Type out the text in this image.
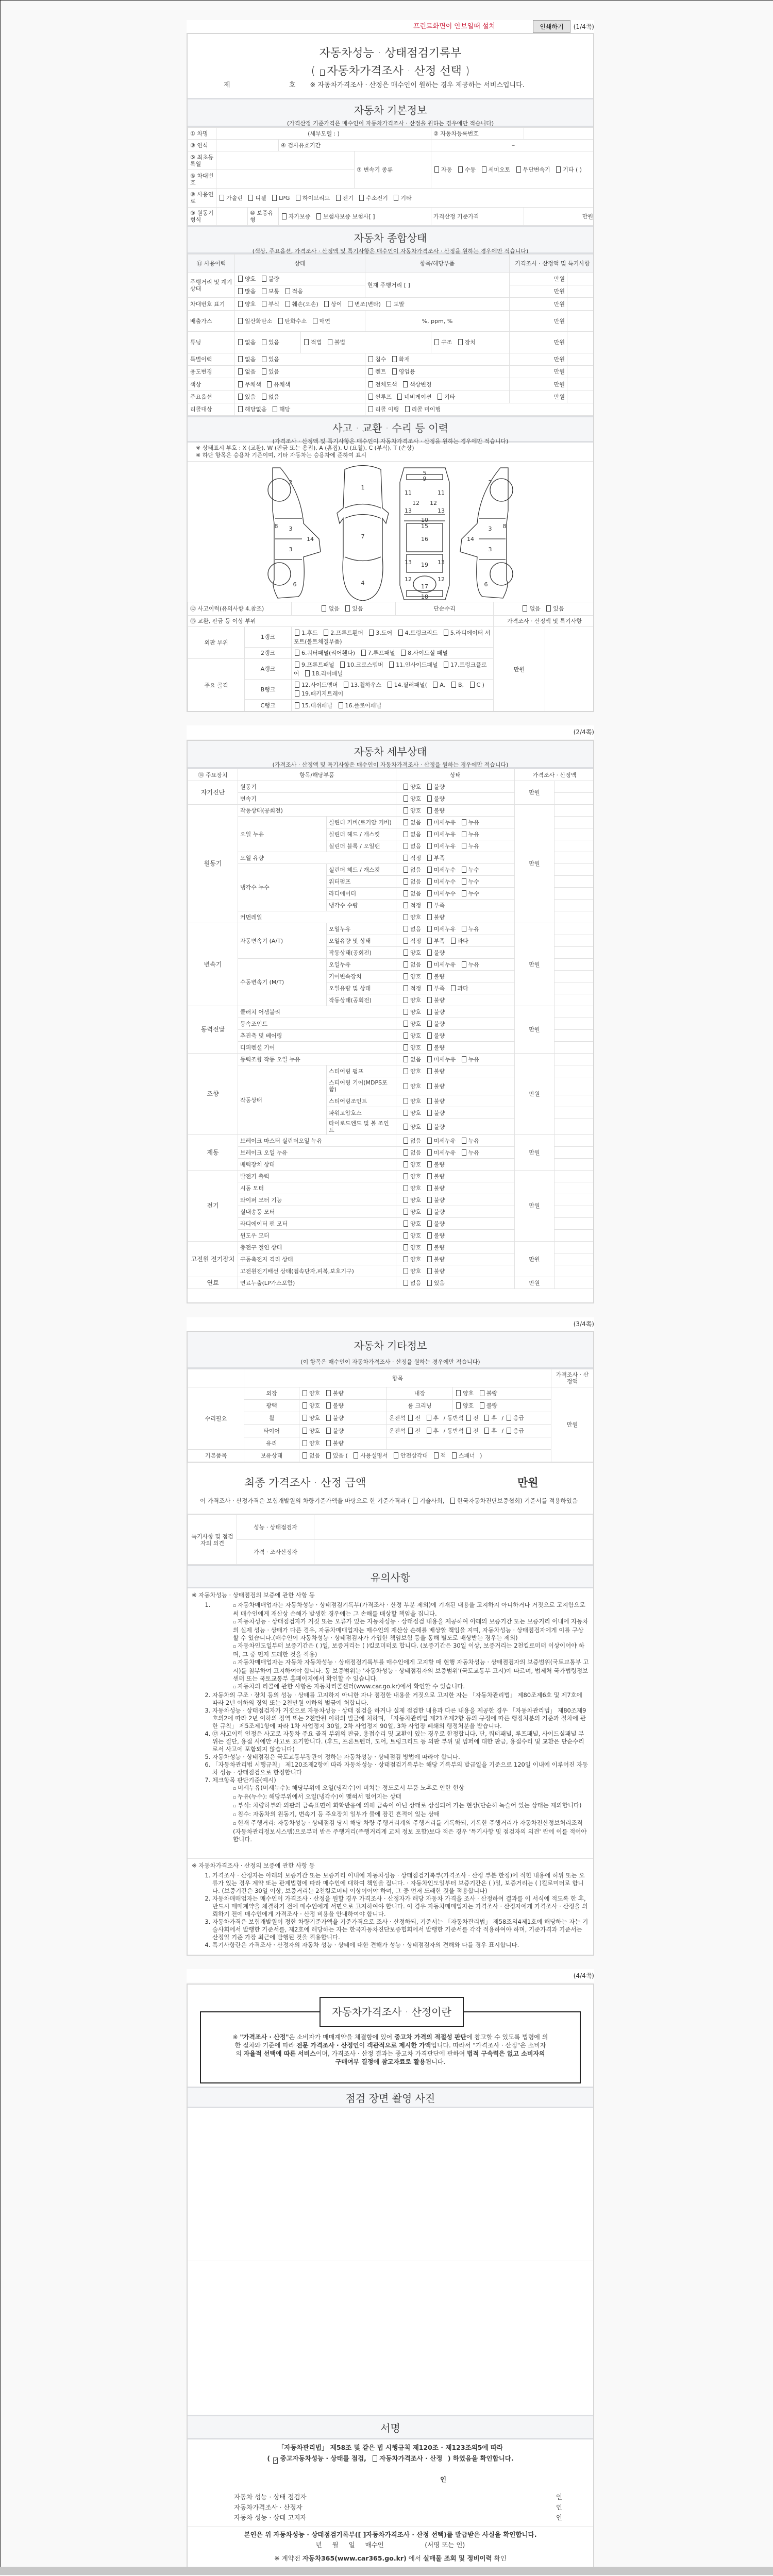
프린트화면이 안보일때 설치	인쇄하기	(1/4쪽)
자동차성능 · 상태점검기록부
( 자동차가격조사 · 산정 선택 )
제	호 ※ 자동차가격조사 · 산정은 매수인이 원하는 경우 제공하는 서비스입니다.
자동차 기본정보
(가격산정 기준가격은 매수인이 자동차가격조사 · 산정을 원하는 경우에만 적습니다)
① 차명	(세부모델 : )				② 자동차등록번호	
③ 연식			④ 검사유효기간		~	
⑤ 최초등록일				⑦ 변속기 종류	자동 수동 세미오토 무단변속기 기타 ( )	
⑥ 차대번호						
⑧ 사용연료	가솔린 디젤 LPG 하이브리드 전기 수소전기 기타					
⑨ 원동기형식		⑩ 보증유형	자가보증 보험사보증 보험사[ ]		가격산정 기준가격	만원
자동차 종합상태
(색상, 주요옵션, 가격조사 · 산정액 및 특기사항은 매수인이 자동차가격조사 · 산정을 원하는 경우에만 적습니다)
⑪ 사용이력	상태		항목/해당부품		가격조사 · 산정액 및 특기사항	
주행거리 및 계기상태	양호 불량		현재 주행거리 [ ]		만원	
	많음 보통 적음				만원	
차대번호 표기	양호 부식 훼손(오손) 상이 변조(변타) 도말				만원	
배출가스	일산화탄소 탄화수소 매연		%, ppm, %		만원	
튜닝	없음 있음	적법 불법		구조 장치	만원	
특별이력	없음 있음		침수 화재		만원	
용도변경	없음 있음		렌트 영업용		만원	
색상	무채색 유채색		전체도색 색상변경		만원	
주요옵션	있음 없음		썬루프 네비게이션 기타		만원	
리콜대상	해당없음 해당		리콜 이행 리콜 미이행			
사고 · 교환 · 수리 등 이력
(가격조사 · 산정액 및 특기사항은 매수인이 자동차가격조사 · 산정을 원하는 경우에만 적습니다)
※ 상태표시 부호 : X (교환), W (판금 또는 용접), A (흠집), U (요철), C (부식), T (손상)
※ 하단 항목은 승용차 기준이며, 기타 자동차는 승용차에 준하여 표시
1
2	2
3
3
3
3
4
5
6	6
7
8	8
9
10
11	11
12 12
12	12
13	13
13	13
14	14
15
16
17
18
19
⑫ 사고이력(유의사항 4.참조)		없음 있음	단순수리	없음 있음	
⑬ 교환, 판금 등 이상 부위				가격조사 · 산정액 및 특기사항	
외판 부위	1랭크	1.후드 2.프론트휀더 3.도어 4.트렁크리드 5.라디에이터 서포트(볼트체결부품)		만원	
	2랭크	6.쿼터패널(리어휀다) 7.루프패널 8.사이드실 패널			
주요 골격	A랭크	9.프론트패널 10.크로스멤버 11.인사이드패널 17.트렁크플로어 18.리어패널			
	B랭크	12.사이드멤버 13.휠하우스 14.필러패널( A, B, C ) 19.패키지트레이			
	C랭크	15.대쉬패널 16.플로어패널			
(2/4쪽)
자동차 세부상태
(가격조사 · 산정액 및 특기사항은 매수인이 자동차가격조사 · 산정을 원하는 경우에만 적습니다)
⑭ 주요장치	항목/해당부품		상태	가격조사 · 산정액	
자기진단	원동기		양호 불량	만원	
	변속기		양호 불량		
원동기	작동상태(공회전)		양호 불량	만원	
	오일 누유	실린더 커버(로커암 커버)	없음 미세누유 누유		
		실린더 헤드 / 개스킷	없음 미세누유 누유		
		실린더 블록 / 오일팬	없음 미세누유 누유		
	오일 유량		적정 부족		
	냉각수 누수	실린더 헤드 / 개스킷	없음 미세누수 누수		
		워터펌프	없음 미세누수 누수		
		라디에이터	없음 미세누수 누수		
		냉각수 수량	적정 부족		
	커먼레일		양호 불량		
변속기	자동변속기 (A/T)	오일누유	없음 미세누유 누유	만원	
		오일유량 및 상태	적정 부족 과다		
		작동상태(공회전)	양호 불량		
	수동변속기 (M/T)	오일누유	없음 미세누유 누유		
		기어변속장치	양호 불량		
		오일유량 및 상태	적정 부족 과다		
		작동상태(공회전)	양호 불량		
동력전달	클러치 어셈블리		양호 불량	만원	
	등속조인트		양호 불량		
	추진축 및 베어링		양호 불량		
	디퍼렌셜 기어		양호 불량		
조향	동력조향 작동 오일 누유		없음 미세누유 누유	만원	
	작동상태	스티어링 펌프	양호 불량		
		스티어링 기어(MDPS포함)	양호 불량		
		스티어링조인트	양호 불량		
		파워고압호스	양호 불량		
		타이로드엔드 및 볼 조인트	양호 불량		
제동	브레이크 마스터 실린더오일 누유		없음 미세누유 누유	만원	
	브레이크 오일 누유		없음 미세누유 누유		
	배력장치 상태		양호 불량		
전기	발전기 출력		양호 불량	만원	
	시동 모터		양호 불량		
	와이퍼 모터 기능		양호 불량		
	실내송풍 모터		양호 불량		
	라디에이터 팬 모터		양호 불량		
	윈도우 모터		양호 불량		
고전원 전기장치	충전구 절연 상태		양호 불량	만원	
	구동축전지 격리 상태		양호 불량		
	고전원전기배선 상태(접속단자,피복,보호기구)		양호 불량		
연료	연료누출(LP가스포함)		없음 있음	만원	
(3/4쪽)
자동차 기타정보
(이 항목은 매수인이 자동차가격조사 · 산정을 원하는 경우에만 적습니다)
	항목				가격조사 · 산정액
수리필요	외장	양호 불량	내장	양호 불량	만원
	광택	양호 불량	룸 크리닝	양호 불량	
	휠	양호 불량	운전석 전 후 / 동반석 전 후 / 응급		
	타이어	양호 불량	운전석 전 후 / 동반석 전 후 / 응급		
	유리	양호 불량			
기본품목	보유상태	없음 있음 ( 사용설명서 안전삼각대 잭 스패너 )			
최종 가격조사 · 산정 금액	만원
이 가격조사 · 산정가격은 보험개발원의 차량기준가액을 바탕으로 한 기준가격과 ( 기술사회, 한국자동차진단보증협회) 기준서를 적용하였음
특기사항 및 점검자의 의견	성능 · 상태점검자	
	가격 · 조사산정자	
유의사항
※ 자동차성능 · 상태점검의 보증에 관한 사항 등
▫ 1. 자동차매매업자는 자동차성능 · 상태점검기록부(가격조사 · 산정 부분 제외)에 기재된 내용을 고지하지 아니하거나 거짓으로 고지함으로써 매수인에게 재산상 손해가 발생한 경우에는 그 손해를 배상할 책임을 집니다.
▫ 자동차성능 · 상태점검자가 거짓 또는 오류가 있는 자동차성능 · 상태점검 내용을 제공하여 아래의 보증기간 또는 보증거리 이내에 자동차의 실제 성능 · 상태가 다른 경우, 자동차매매업자는 매수인의 재산상 손해를 배상할 책임을 지며, 자동차성능 · 상태점검자에게 이를 구상할 수 있습니다.(매수인이 자동차성능 · 상태점검자가 가입한 책임보험 등을 통해 별도로 배상받는 경우는 제외)
▫ 자동차인도일부터 보증기간은 ( )일, 보증거리는 ( )킬로미터로 합니다. (보증기간은 30일 이상, 보증거리는 2천킬로미터 이상이어야 하며, 그 중 먼저 도래한 것을 적용)
▫ 자동차매매업자는 자동차 자동차성능 · 상태점검기록부를 매수인에게 고지할 때 현행 자동차성능 · 상태점검자의 보증범위(국토교통부 고시)를 첨부하여 고지하여야 합니다. 동 보증범위는 '자동차성능 · 상태점검자의 보증범위'(국토교통부 고시)에 따르며, 법제처 국가법령정보센터 또는 국토교통부 홈페이지에서 확인할 수 있습니다.
▫ 자동차의 리콜에 관한 사항은 자동차리콜센터(www.car.go.kr)에서 확인할 수 있습니다.
2. 자동차의 구조 · 장치 등의 성능 · 상태를 고지하지 아니한 자나 점검한 내용을 거짓으로 고지한 자는 「자동차관리법」 제80조제6호 및 제7호에 따라 2년 이하의 징역 또는 2천만원 이하의 벌금에 처합니다.
3. 자동차성능 · 상태점검자가 거짓으로 자동차성능 · 상태 점검을 하거나 실제 점검한 내용과 다른 내용을 제공한 경우 「자동차관리법」 제80조제9호의2에 따라 2년 이하의 징역 또는 2천만원 이하의 벌금에 처하며, 「자동차관리법 제21조제2항 등의 규정에 따른 행정처분의 기준과 절차에 관한 규칙」 제5조제1항에 따라 1차 사업정지 30일, 2차 사업정지 90일, 3차 사업장 폐쇄의 행정처분을 받습니다.
4. ⑫ 사고이력 인정은 사고로 자동차 주요 골격 부위의 판금, 용접수리 및 교환이 있는 경우로 한정합니다. 단, 쿼터패널, 루프패널, 사이드실패널 부위는 절단, 용접 시에만 사고로 표기합니다. (후드, 프론트펜더, 도어, 트렁크리드 등 외판 부위 및 범퍼에 대한 판금, 용접수리 및 교환은 단순수리로서 사고에 포함되지 않습니다)
5. 자동차성능 · 상태점검은 국토교통부장관이 정하는 자동차성능 · 상태점검 방법에 따라야 합니다.
6. 「자동차관리법 시행규칙」 제120조제2항에 따라 자동차성능 · 상태점검기록부는 해당 기록부의 발급일을 기준으로 120일 이내에 이루어진 자동차 성능 · 상태점검으로 한정합니다
7. 체크항목 판단기준(예시)
▫ 미세누유(미세누수): 해당부위에 오일(냉각수)이 비치는 정도로서 부품 노후로 인한 현상
▫ 누유(누수): 해당부위에서 오일(냉각수)이 맺혀서 떨어지는 상태
▫ 부식: 차량하부와 외판의 금속표면이 화학반응에 의해 금속이 아닌 상태로 상실되어 가는 현상(단순히 녹슬어 있는 상태는 제외합니다)
▫ 침수: 자동차의 원동기, 변속기 등 주요장치 일부가 물에 잠긴 흔적이 있는 상태
▫ 현재 주행거리: 자동차성능 · 상태점검 당시 해당 차량 주행거리계의 주행거리를 기록하되, 기록한 주행거리가 자동차전산정보처리조직(자동차관리정보시스템)으로부터 받은 주행거리(주행거리계 교체 정보 포함)보다 적은 경우 '특기사항 및 점검자의 의견' 란에 이를 적어야 합니다.
※ 자동차가격조사 · 산정의 보증에 관한 사항 등
1. 가격조사 · 산정자는 아래의 보증기간 또는 보증거리 이내에 자동차성능 · 상태점검기록부(가격조사 · 산정 부분 한정)에 적힌 내용에 허위 또는 오류가 있는 경우 계약 또는 관계법령에 따라 매수인에 대하여 책임을 집니다. · 자동차인도일부터 보증기간은 ( )일, 보증거리는 ( )킬로미터로 합니다. (보증기간은 30일 이상, 보증거리는 2천킬로미터 이상이어야 하며, 그 중 먼저 도래한 것을 적용합니다)
2. 자동차매매업자는 매수인이 가격조사 · 산정을 원할 경우 가격조사 · 산정자가 해당 자동차 가격을 조사 · 산정하여 결과를 이 서식에 적도록 한 후, 반드시 매매계약을 체결하기 전에 매수인에게 서면으로 고지하여야 합니다. 이 경우 자동차매매업자는 가격조사 · 산정자에게 가격조사 · 산정을 의뢰하기 전에 매수인에게 가격조사 · 산정 비용을 안내하여야 합니다.
3. 자동차가격은 보험개발원이 정한 차량기준가액을 기준가격으로 조사 · 산정하되, 기준서는 「자동차관리법」 제58조의4제1호에 해당하는 자는 기술사회에서 발행한 기준서를, 제2호에 해당하는 자는 한국자동차진단보증협회에서 발행한 기준서를 각각 적용하여야 하며, 기준가격과 기준서는 산정일 기준 가장 최근에 발행된 것을 적용합니다.
4. 특기사항란은 가격조사 · 산정자의 자동차 성능 · 상태에 대한 견해가 성능 · 상태점검자의 견해와 다를 경우 표시합니다.
(4/4쪽)
자동차가격조사 · 산정이란
※ "가격조사 · 산정"은 소비자가 매매계약을 체결함에 있어 중고차 가격의 적절성 판단에 참고할 수 있도록 법령에 의한 절차와 기준에 따라 전문 가격조사 · 산정인이 객관적으로 제시한 가액입니다. 따라서 "가격조사 · 산정"은 소비자의 자율적 선택에 따른 서비스이며, 가격조사 · 산정 결과는 중고차 가격판단에 관하여 법적 구속력은 없고 소비자의 구매여부 결정에 참고자료로 활용됩니다.
점검 장면 촬영 사진
서명
「자동차관리법」 제58조 및 같은 법 시행규칙 제120조 · 제123조의5에 따라
( ✓ 중고자동차성능 · 상태를 점검, 자동차가격조사 · 산정 ) 하였음을 확인합니다.
인
자동차 성능 · 상태 점검자	인
자동차가격조사 · 산정자	인
자동차 성능 · 상태 고지자	인
본인은 위 자동차성능 · 상태점검기록부([ ]자동차가격조사 · 산정 선택)를 발급받은 사실을 확인합니다.
년     월     일     매수인                    (서명 또는 인)
※ 계약전 자동차365(www.car365.go.kr) 에서 실매물 조회 및 정비이력 확인
